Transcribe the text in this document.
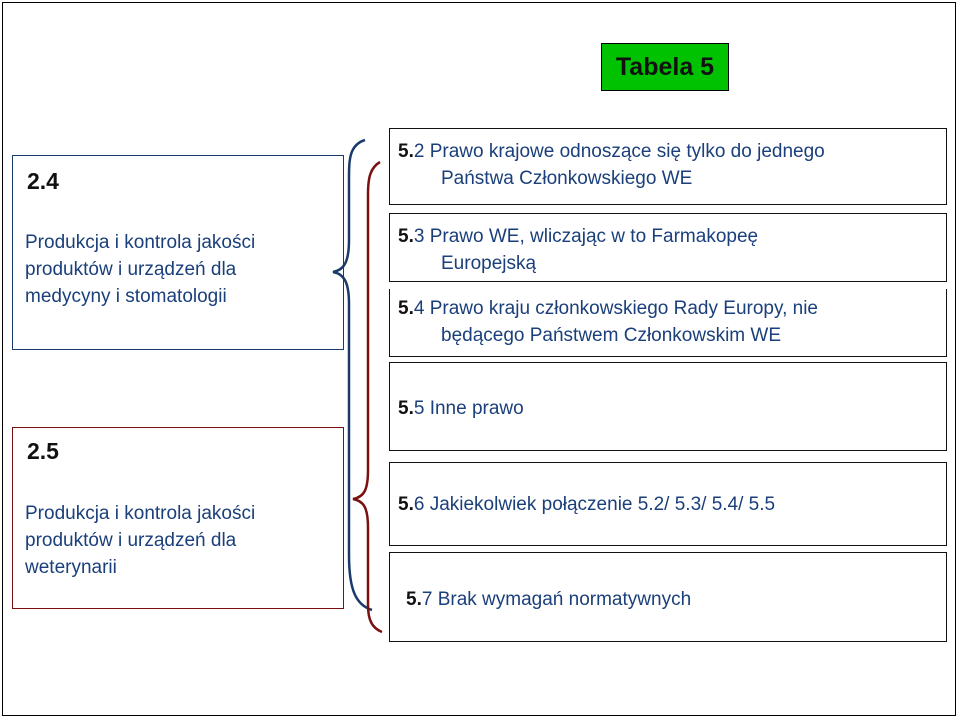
Tabela 5
2.4
Produkcja i kontrola jakości
produktów i urządzeń dla
medycyny i stomatologii
2.5
Produkcja i kontrola jakości
produktów i urządzeń dla
weterynarii
5.2 Prawo krajowe odnoszące się tylko do jednego
Państwa Członkowskiego WE
5.3 Prawo WE, wliczając w to Farmakopeę
Europejską
5.4 Prawo kraju członkowskiego Rady Europy, nie
będącego Państwem Członkowskim WE
5.5 Inne prawo
5.6 Jakiekolwiek połączenie 5.2/ 5.3/ 5.4/ 5.5
5.7 Brak wymagań normatywnych
